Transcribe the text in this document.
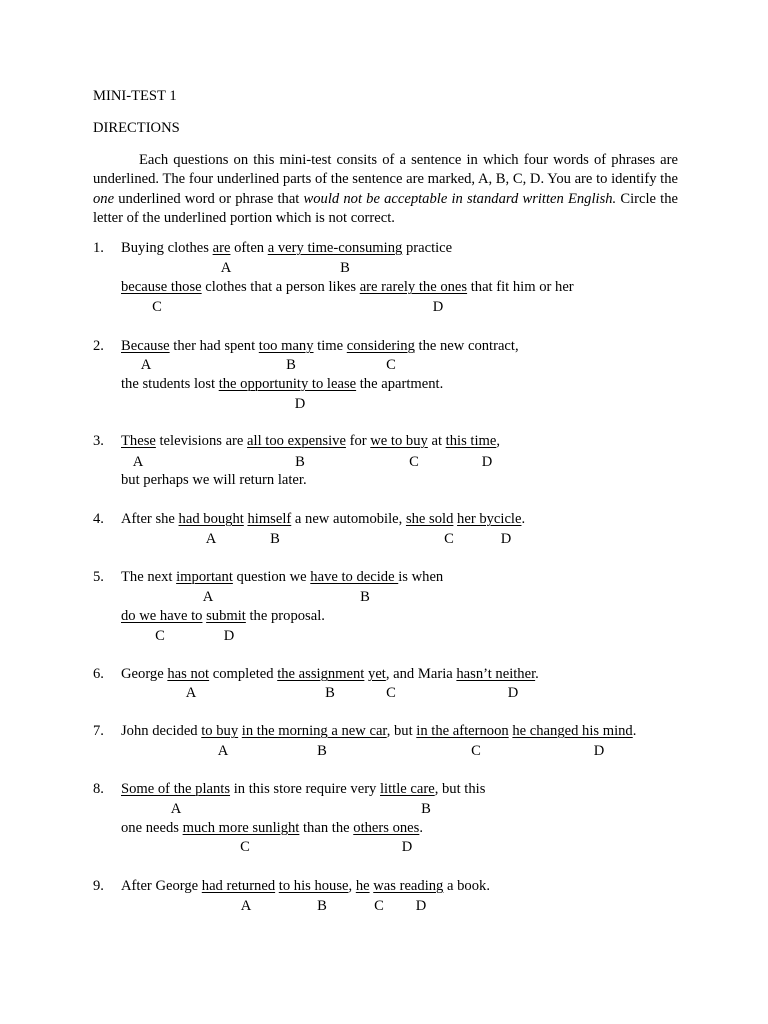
MINI-TEST 1
DIRECTIONS

Each questions on this mini-test consits of a sentence in which four words of phrases are underlined. The four underlined parts of the sentence are marked, A, B, C, D. You are to identify the one underlined word or phrase that would not be acceptable in standard written English. Circle the letter of the underlined portion which is not correct.

1. Buying clothes are often a very time-consuming practice
because those clothes that a person likes are rarely the ones that fit him or her
A	B
C	D
2. Because ther had spent too many time considering the new contract,
the students lost the opportunity to lease the apartment.
A	B	C
D
3. These televisions are all too expensive for we to buy at this time,
but perhaps we will return later.
A	B	C	D
4. After she had bought himself a new automobile, she sold her bycicle.
A	B	C	D
5. The next important question we have to decide is when
do we have to submit the proposal.
A	B
C	D
6. George has not completed the assignment yet, and Maria hasn’t neither.
A	B	C	D
7. John decided to buy in the morning a new car, but in the afternoon he changed his mind.
A	B	C	D
8. Some of the plants in this store require very little care, but this
one needs much more sunlight than the others ones.
A	B
C	D
9. After George had returned to his house, he was reading a book.
A	B	C D
